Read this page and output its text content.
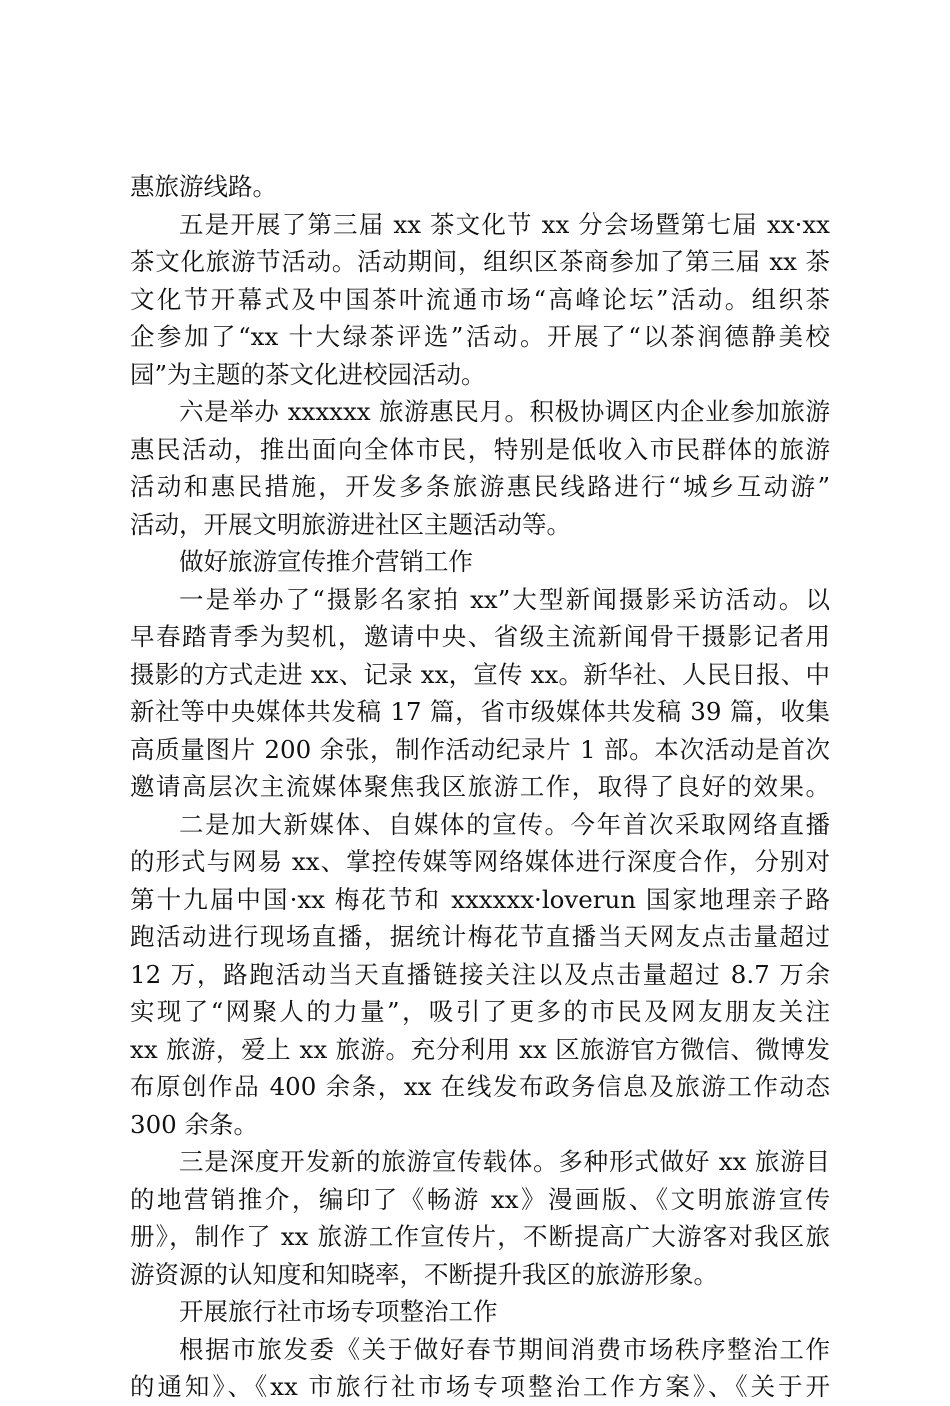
惠旅游线路。
五是开展了第三届 xx 茶文化节 xx 分会场暨第七届 xx·xx
茶文化旅游节活动。活动期间，组织区茶商参加了第三届 xx 茶
文化节开幕式及中国茶叶流通市场“高峰论坛”活动。组织茶
企参加了“xx 十大绿茶评选”活动。开展了“以茶润德静美校
园”为主题的茶文化进校园活动。
六是举办 xxxxxx 旅游惠民月。积极协调区内企业参加旅游
惠民活动，推出面向全体市民，特别是低收入市民群体的旅游
活动和惠民措施，开发多条旅游惠民线路进行“城乡互动游”
活动，开展文明旅游进社区主题活动等。
做好旅游宣传推介营销工作
一是举办了“摄影名家拍 xx”大型新闻摄影采访活动。以
早春踏青季为契机，邀请中央、省级主流新闻骨干摄影记者用
摄影的方式走进 xx、记录 xx，宣传 xx。新华社、人民日报、中
新社等中央媒体共发稿 17 篇，省市级媒体共发稿 39 篇，收集
高质量图片 200 余张，制作活动纪录片 1 部。本次活动是首次
邀请高层次主流媒体聚焦我区旅游工作，取得了良好的效果。
二是加大新媒体、自媒体的宣传。今年首次采取网络直播
的形式与网易 xx、掌控传媒等网络媒体进行深度合作，分别对
第十九届中国·xx 梅花节和 xxxxxx·loverun 国家地理亲子路
跑活动进行现场直播，据统计梅花节直播当天网友点击量超过
12 万，路跑活动当天直播链接关注以及点击量超过 8.7 万余
实现了“网聚人的力量”，吸引了更多的市民及网友朋友关注
xx 旅游，爱上 xx 旅游。充分利用 xx 区旅游官方微信、微博发
布原创作品 400 余条，xx 在线发布政务信息及旅游工作动态
300 余条。
三是深度开发新的旅游宣传载体。多种形式做好 xx 旅游目
的地营销推介，编印了《畅游 xx》漫画版、《文明旅游宣传
册》，制作了 xx 旅游工作宣传片，不断提高广大游客对我区旅
游资源的认知度和知晓率，不断提升我区的旅游形象。
开展旅行社市场专项整治工作
根据市旅发委《关于做好春节期间消费市场秩序整治工作
的通知》、《xx 市旅行社市场专项整治工作方案》、《关于开
